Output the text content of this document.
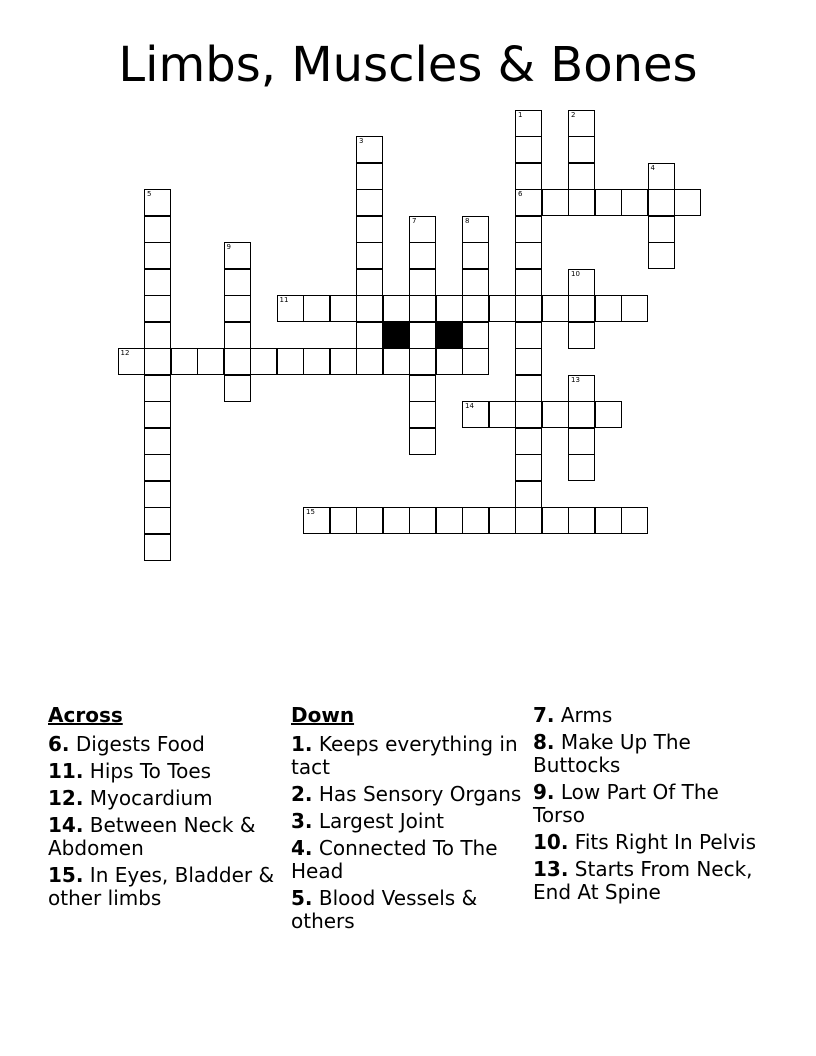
Limbs, Muscles & Bones
1
6
2
3
4
5
7	8
9
10
11
12
13
14
15
Across
6. Digests Food
11. Hips To Toes
12. Myocardium
14. Between Neck & Abdomen
15. In Eyes, Bladder & other limbs
Down
1. Keeps everything in tact
2. Has Sensory Organs
3. Largest Joint
4. Connected To The Head
5. Blood Vessels & others
7. Arms
8. Make Up The Buttocks
9. Low Part Of The Torso
10. Fits Right In Pelvis
13. Starts From Neck, End At Spine
